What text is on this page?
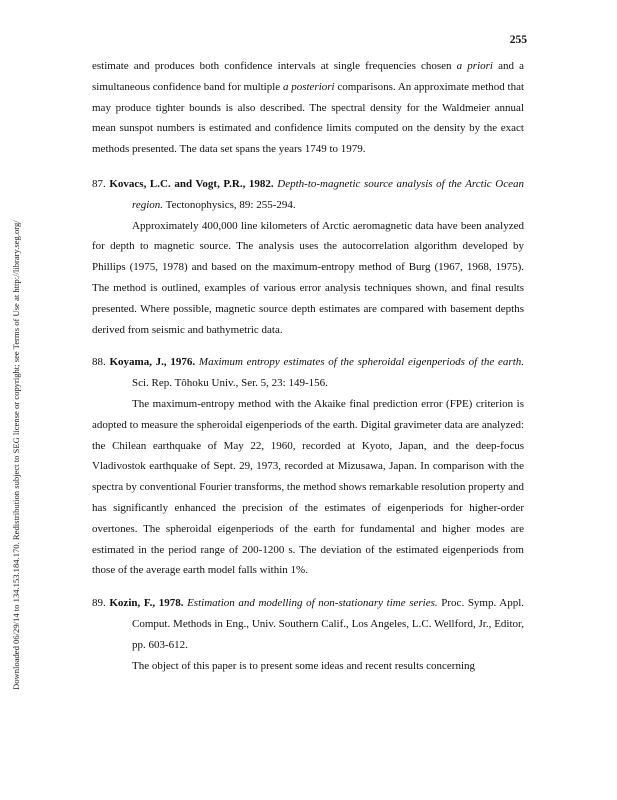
255
Downloaded 06/29/14 to 134.153.184.170. Redistribution subject to SEG license or copyright; see Terms of Use at http://library.seg.org/

estimate and produces both confidence intervals at single frequencies chosen a priori and a simultaneous confidence band for multiple a posteriori comparisons. An approximate method that may produce tighter bounds is also described. The spectral density for the Waldmeier annual mean sunspot numbers is estimated and confidence limits computed on the density by the exact methods presented. The data set spans the years 1749 to 1979.

87. Kovacs, L.C. and Vogt, P.R., 1982. Depth-to-magnetic source analysis of the Arctic Ocean region. Tectonophysics, 89: 255-294.

Approximately 400,000 line kilometers of Arctic aeromagnetic data have been analyzed for depth to magnetic source. The analysis uses the autocorrelation algorithm developed by Phillips (1975, 1978) and based on the maximum-entropy method of Burg (1967, 1968, 1975). The method is outlined, examples of various error analysis techniques shown, and final results presented. Where possible, magnetic source depth estimates are compared with basement depths derived from seismic and bathymetric data.

88. Koyama, J., 1976. Maximum entropy estimates of the spheroidal eigenperiods of the earth. Sci. Rep. Tôhoku Univ., Ser. 5, 23: 149-156.

The maximum-entropy method with the Akaike final prediction error (FPE) criterion is adopted to measure the spheroidal eigenperiods of the earth. Digital gravimeter data are analyzed: the Chilean earthquake of May 22, 1960, recorded at Kyoto, Japan, and the deep-focus Vladivostok earthquake of Sept. 29, 1973, recorded at Mizusawa, Japan. In comparison with the spectra by conventional Fourier transforms, the method shows remarkable resolution property and has significantly enhanced the precision of the estimates of eigenperiods for higher-order overtones. The spheroidal eigenperiods of the earth for fundamental and higher modes are estimated in the period range of 200-1200 s. The deviation of the estimated eigenperiods from those of the average earth model falls within 1%.

89. Kozin, F., 1978. Estimation and modelling of non-stationary time series. Proc. Symp. Appl. Comput. Methods in Eng., Univ. Southern Calif., Los Angeles, L.C. Wellford, Jr., Editor, pp. 603-612.

The object of this paper is to present some ideas and recent results concerning
